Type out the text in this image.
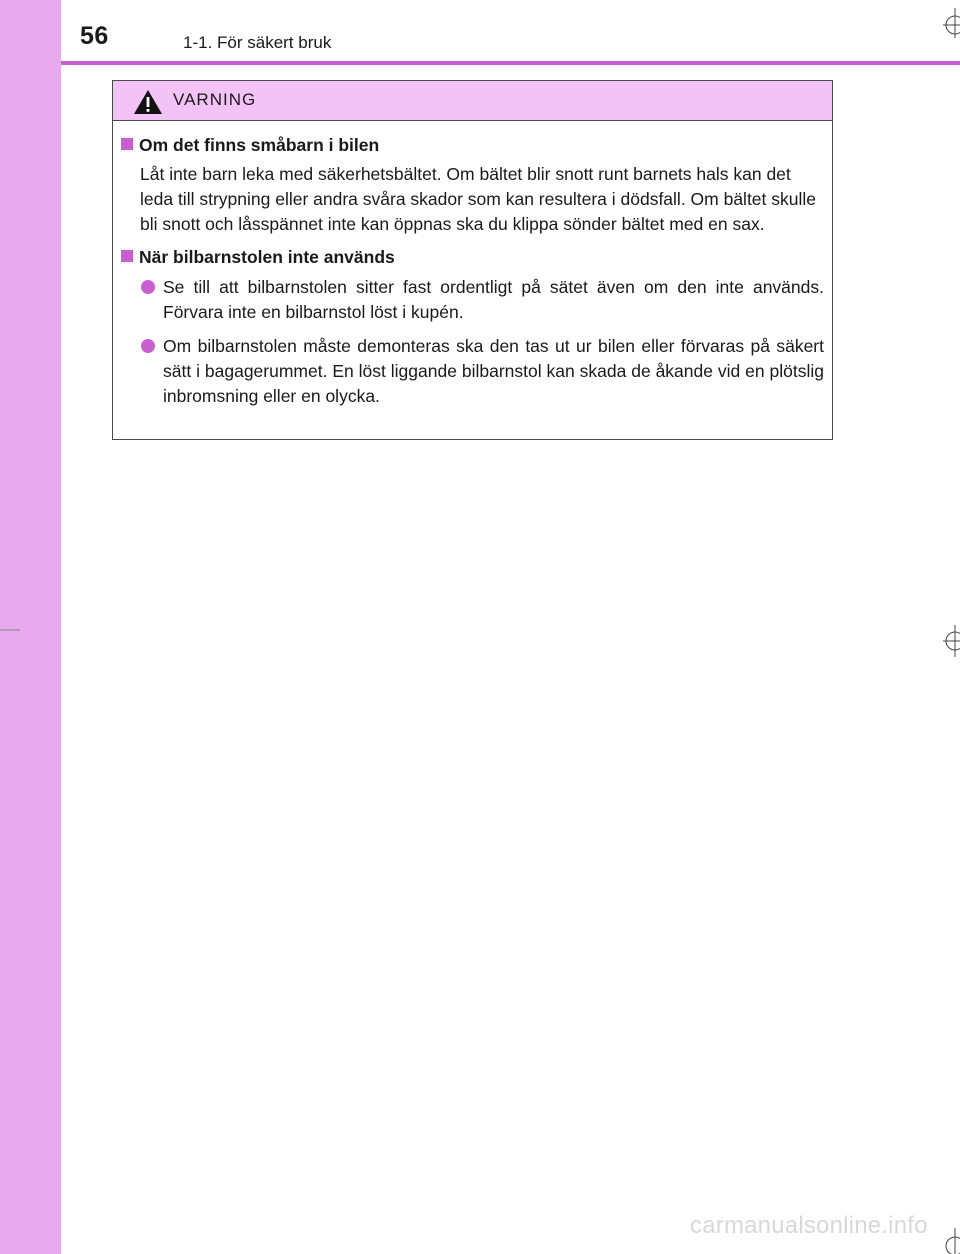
56	1-1. För säkert bruk
VARNING
Om det finns småbarn i bilen
Låt inte barn leka med säkerhetsbältet. Om bältet blir snott runt barnets hals kan det leda till strypning eller andra svåra skador som kan resultera i dödsfall. Om bältet skulle bli snott och låsspännet inte kan öppnas ska du klippa sönder bältet med en sax.
När bilbarnstolen inte används
Se till att bilbarnstolen sitter fast ordentligt på sätet även om den inte används. Förvara inte en bilbarnstol löst i kupén.
Om bilbarnstolen måste demonteras ska den tas ut ur bilen eller förvaras på säkert sätt i bagagerummet. En löst liggande bilbarnstol kan skada de åkande vid en plötslig inbromsning eller en olycka.
carmanualsonline.info
